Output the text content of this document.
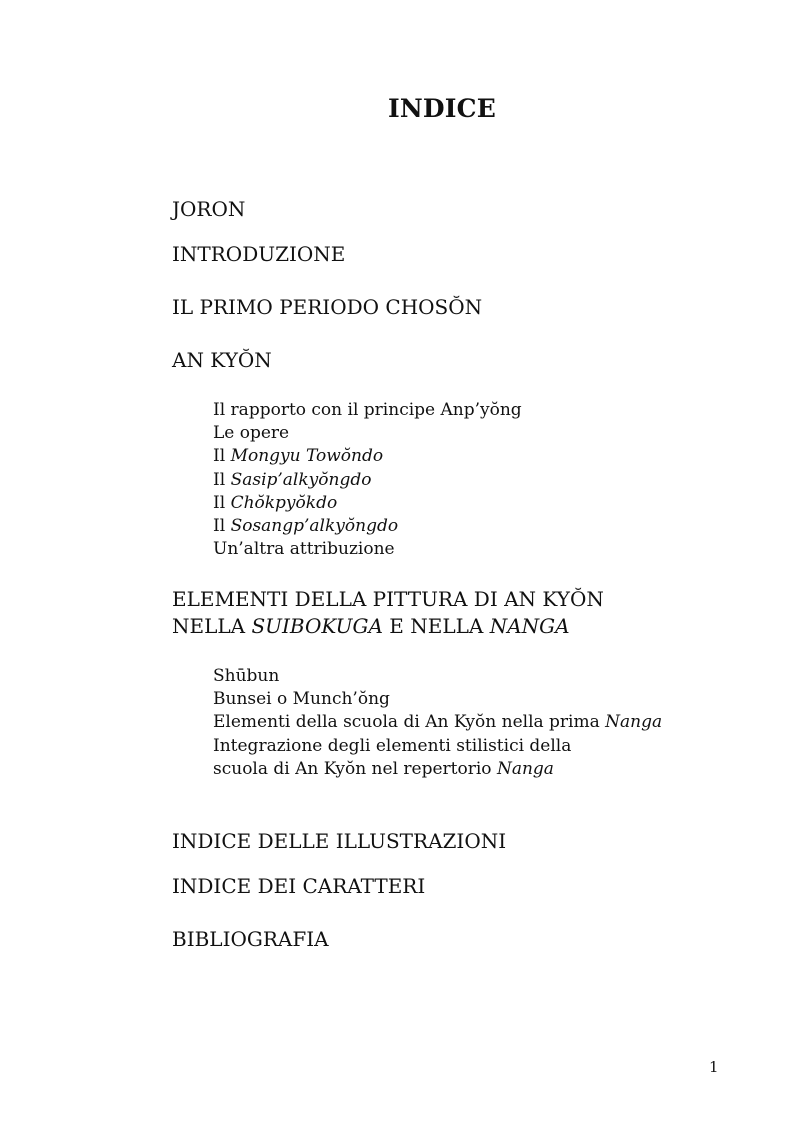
INDICE
JORON
INTRODUZIONE
IL PRIMO PERIODO CHOSŎN
AN KYŎN
Il rapporto con il principe Anp’yŏng
Le opere
Il Mongyu Towŏndo
Il Sasip’alkyŏngdo
Il Chŏkpyŏkdo
Il Sosangp’alkyŏngdo
Un’altra attribuzione
ELEMENTI DELLA PITTURA DI AN KYŎN
NELLA SUIBOKUGA E NELLA NANGA
Shūbun
Bunsei o Munch’ŏng
Elementi della scuola di An Kyŏn nella prima Nanga
Integrazione degli elementi stilistici della
scuola di An Kyŏn nel repertorio Nanga
INDICE DELLE ILLUSTRAZIONI
INDICE DEI CARATTERI
BIBLIOGRAFIA
1
